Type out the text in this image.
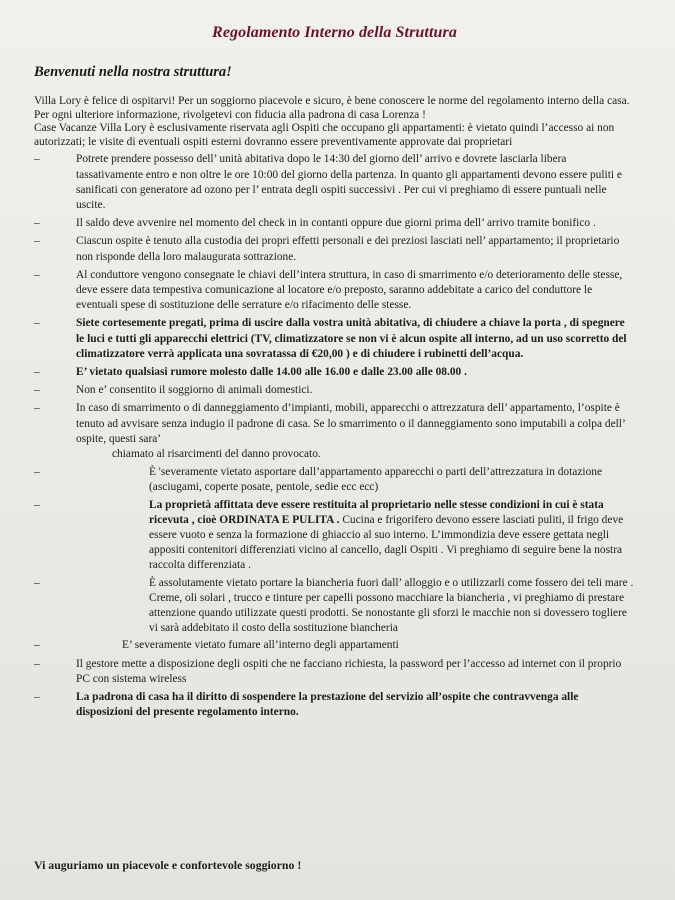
Regolamento Interno della Struttura
Benvenuti nella nostra struttura!

Villa Lory è felice di ospitarvi! Per un soggiorno piacevole e sicuro, è bene conoscere le norme del regolamento interno della casa. Per ogni ulteriore informazione, rivolgetevi con fiducia alla padrona di casa Lorenza !

Case Vacanze Villa Lory è esclusivamente riservata agli Ospiti che occupano gli appartamenti: è vietato quindi l’accesso ai non autorizzati; le visite di eventuali ospiti esterni dovranno essere preventivamente approvate dai proprietari

–	Potrete prendere possesso dell’ unità abitativa dopo le 14:30 del giorno dell’ arrivo e dovrete lasciarla libera tassativamente entro e non oltre le ore 10:00 del giorno della partenza. In quanto gli appartamenti devono essere puliti e sanificati con generatore ad ozono per l’ entrata degli ospiti successivi . Per cui vi preghiamo di essere puntuali nelle uscite.
–	Il saldo deve avvenire nel momento del check in in contanti oppure due giorni prima dell’ arrivo tramite bonifico .
–	Ciascun ospite è tenuto alla custodia dei propri effetti personali e dei preziosi lasciati nell’ appartamento; il proprietario non risponde della loro malaugurata sottrazione.
–	Al conduttore vengono consegnate le chiavi dell’intera struttura, in caso di smarrimento e/o deterioramento delle stesse, deve essere data tempestiva comunicazione al locatore e/o preposto, saranno addebitate a carico del conduttore le eventuali spese di sostituzione delle serrature e/o rifacimento delle stesse.
–	Siete cortesemente pregati, prima di uscire dalla vostra unità abitativa, di chiudere a chiave la porta , di spegnere le luci e tutti gli apparecchi elettrici (TV, climatizzatore se non vi è alcun ospite all interno, ad un uso scorretto del climatizzatore verrà applicata una sovratassa di €20,00 ) e di chiudere i rubinetti dell’acqua.
–	E’ vietato qualsiasi rumore molesto dalle 14.00 alle 16.00 e dalle 23.00 alle 08.00 .
–	Non e’ consentito il soggiorno di animali domestici.
–	In caso di smarrimento o di danneggiamento d’impianti, mobili, apparecchi o attrezzatura dell’ appartamento, l’ospite è tenuto ad avvisare senza indugio il padrone di casa. Se lo smarrimento o il danneggiamento sono imputabili a colpa dell’ ospite, questi sara’
chiamato al risarcimenti del danno provocato.
–	È 'severamente vietato asportare dall’appartamento apparecchi o parti dell’attrezzatura in dotazione (asciugami, coperte posate, pentole, sedie ecc ecc)
–	La proprietà affittata deve essere restituita al proprietario nelle stesse condizioni in cui è stata ricevuta , cioè ORDINATA E PULITA . Cucina e frigorifero devono essere lasciati puliti, il frigo deve essere vuoto e senza la formazione di ghiaccio al suo interno. L’immondizia deve essere gettata negli appositi contenitori differenziati vicino al cancello, dagli Ospiti . Vi preghiamo di seguire bene la nostra raccolta differenziata .
–	È assolutamente vietato portare la biancheria fuori dall’ alloggio e o utilizzarli come fossero dei teli mare . Creme, oli solari , trucco e tinture per capelli possono macchiare la biancheria , vi preghiamo di prestare attenzione quando utilizzate questi prodotti. Se nonostante gli sforzi le macchie non si dovessero togliere vi sarà addebitato il costo della sostituzione biancheria
–	E’ severamente vietato fumare all’interno degli appartamenti
–	Il gestore mette a disposizione degli ospiti che ne facciano richiesta, la password per l’accesso ad internet con il proprio PC con sistema wireless
–	La padrona di casa ha il diritto di sospendere la prestazione del servizio all’ospite che contravvenga alle disposizioni del presente regolamento interno.
Vi auguriamo un piacevole e confortevole soggiorno !
